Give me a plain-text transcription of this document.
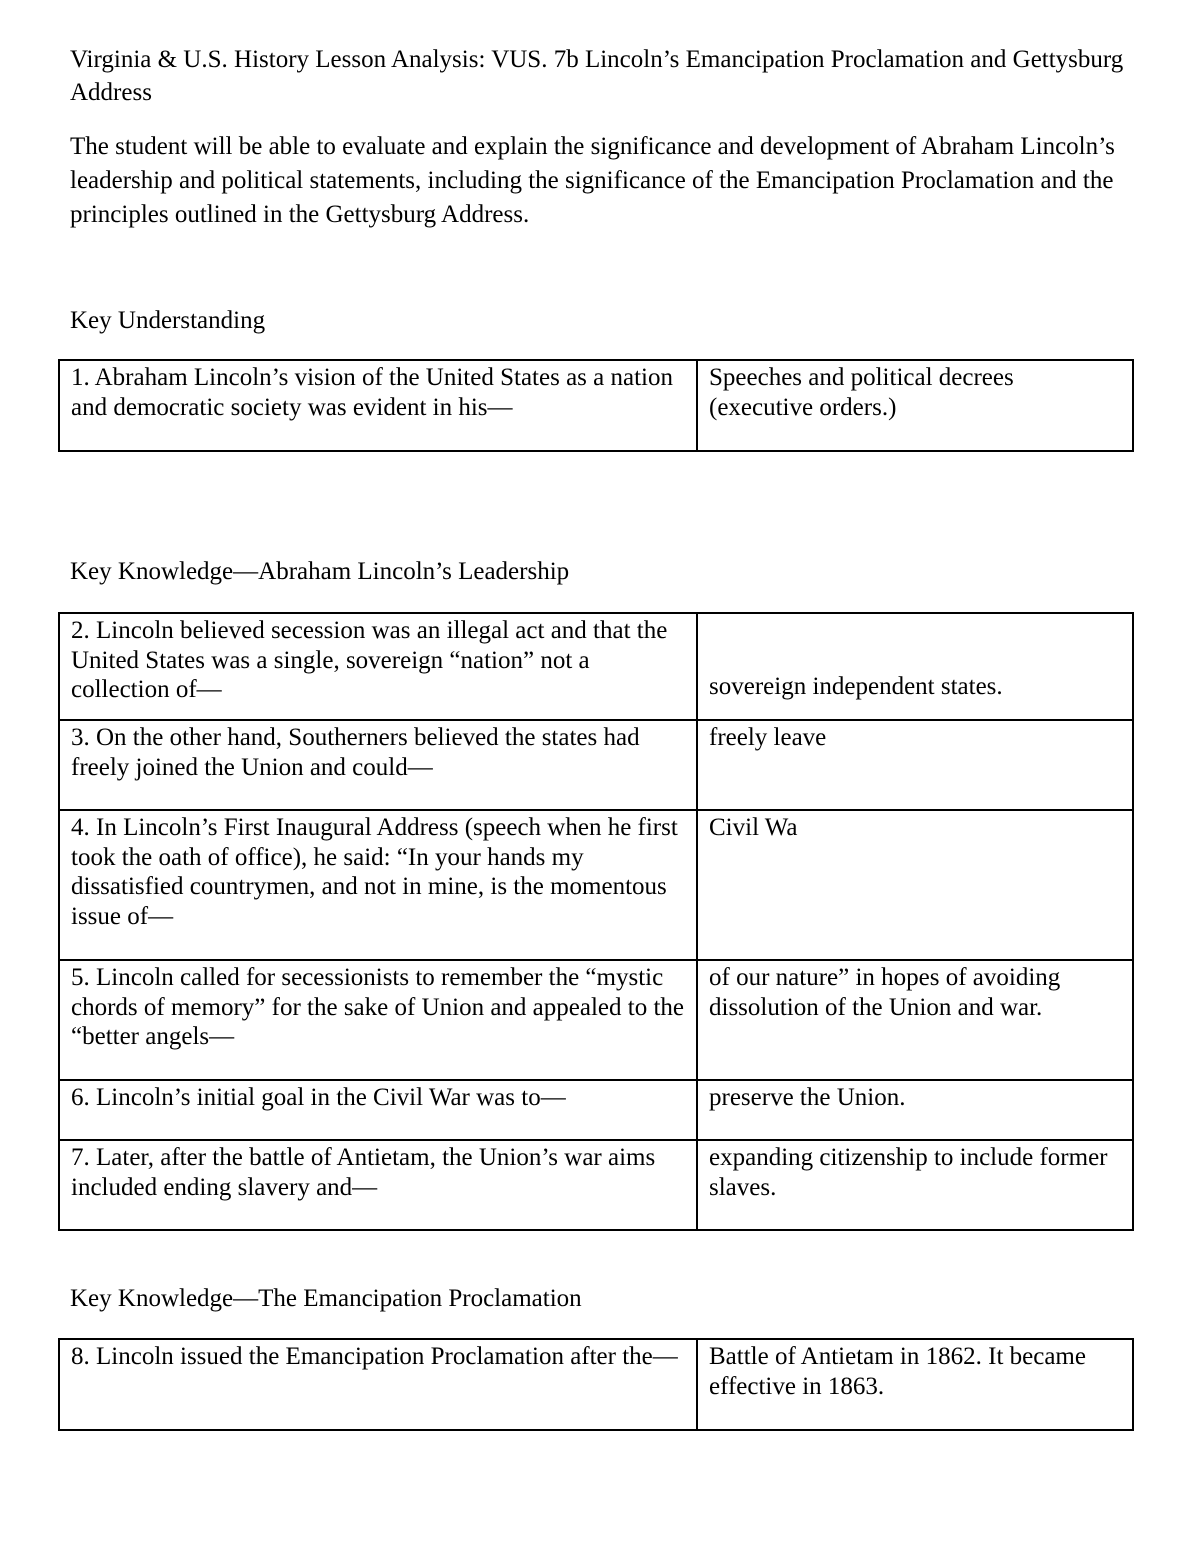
Virginia & U.S. History Lesson Analysis: VUS. 7b Lincoln’s Emancipation Proclamation and Gettysburg Address
The student will be able to evaluate and explain the significance and development of Abraham Lincoln’s leadership and political statements, including the significance of the Emancipation Proclamation and the principles outlined in the Gettysburg Address.
Key Understanding
1. Abraham Lincoln’s vision of the United States as a nation and democratic society was evident in his—	Speeches and political decrees (executive orders.)
Key Knowledge—Abraham Lincoln’s Leadership
2. Lincoln believed secession was an illegal act and that the United States was a single, sovereign “nation” not a collection of—	sovereign independent states.
3. On the other hand, Southerners believed the states had freely joined the Union and could—	freely leave
4. In Lincoln’s First Inaugural Address (speech when he first took the oath of office), he said: “In your hands my dissatisfied countrymen, and not in mine, is the momentous issue of—	Civil Wa
5. Lincoln called for secessionists to remember the “mystic chords of memory” for the sake of Union and appealed to the “better angels—	of our nature” in hopes of avoiding dissolution of the Union and war.
6. Lincoln’s initial goal in the Civil War was to—	preserve the Union.
7. Later, after the battle of Antietam, the Union’s war aims included ending slavery and—	expanding citizenship to include former slaves.
Key Knowledge—The Emancipation Proclamation
8. Lincoln issued the Emancipation Proclamation after the—	Battle of Antietam in 1862. It became effective in 1863.
